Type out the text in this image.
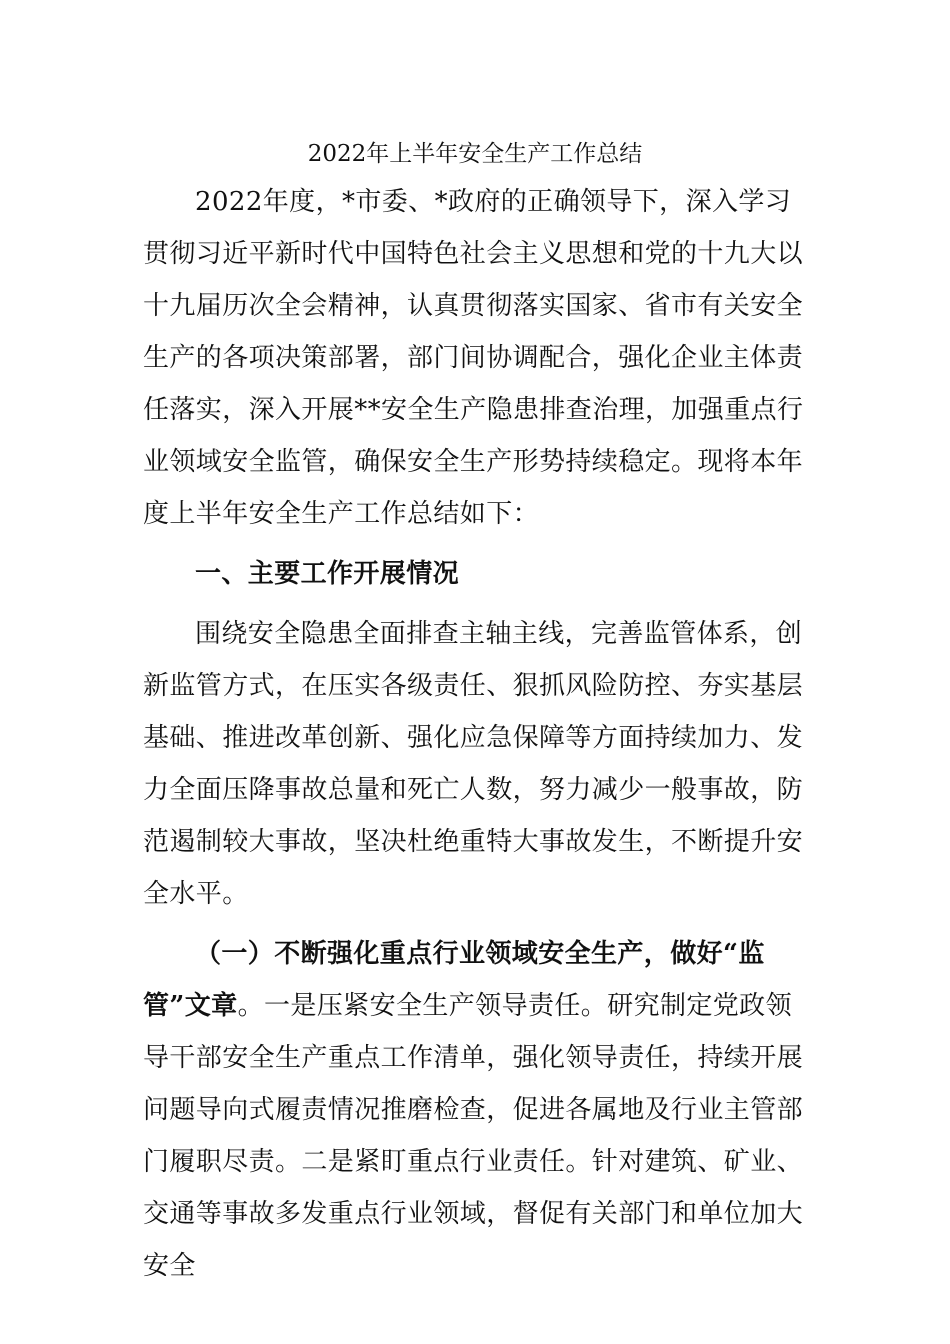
2022年上半年安全生产工作总结

2022年度，*市委、*政府的正确领导下，深入学习贯彻习近平新时代中国特色社会主义思想和党的十九大以十九届历次全会精神，认真贯彻落实国家、省市有关安全生产的各项决策部署，部门间协调配合，强化企业主体责任落实，深入开展**安全生产隐患排查治理，加强重点行业领域安全监管，确保安全生产形势持续稳定。现将本年度上半年安全生产工作总结如下：

一、主要工作开展情况

围绕安全隐患全面排查主轴主线，完善监管体系，创新监管方式，在压实各级责任、狠抓风险防控、夯实基层基础、推进改革创新、强化应急保障等方面持续加力、发力全面压降事故总量和死亡人数，努力减少一般事故，防范遏制较大事故，坚决杜绝重特大事故发生，不断提升安全水平。

（一）不断强化重点行业领域安全生产，做好“监管”文章。一是压紧安全生产领导责任。研究制定党政领导干部安全生产重点工作清单，强化领导责任，持续开展问题导向式履责情况推磨检查，促进各属地及行业主管部门履职尽责。二是紧盯重点行业责任。针对建筑、矿业、交通等事故多发重点行业领域，督促有关部门和单位加大安全
